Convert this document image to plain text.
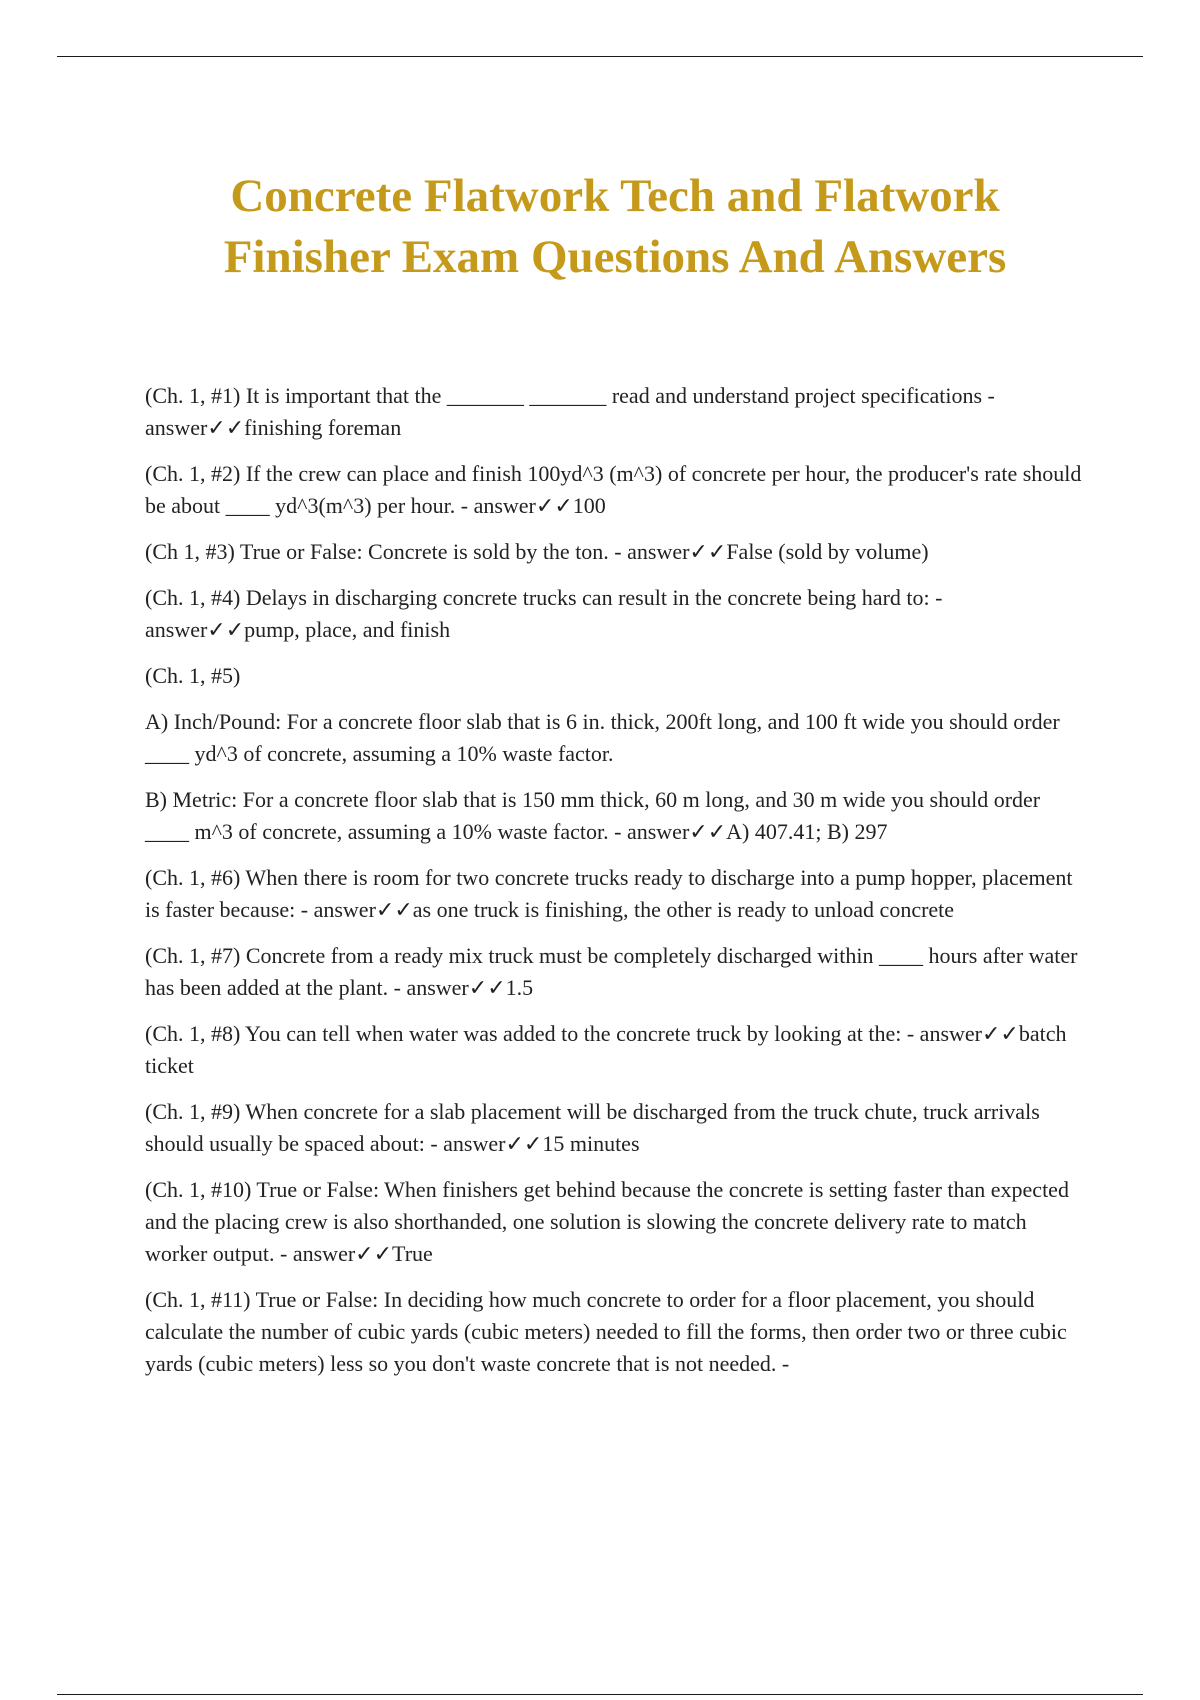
Concrete Flatwork Tech and Flatwork
Finisher Exam Questions And Answers

(Ch. 1, #1) It is important that the _______ _______ read and understand project specifications - answer✓✓finishing foreman

(Ch. 1, #2) If the crew can place and finish 100yd^3 (m^3) of concrete per hour, the producer's rate should be about ____ yd^3(m^3) per hour. - answer✓✓100

(Ch 1, #3) True or False: Concrete is sold by the ton. - answer✓✓False (sold by volume)

(Ch. 1, #4) Delays in discharging concrete trucks can result in the concrete being hard to: - answer✓✓pump, place, and finish

(Ch. 1, #5)

A) Inch/Pound: For a concrete floor slab that is 6 in. thick, 200ft long, and 100 ft wide you should order ____ yd^3 of concrete, assuming a 10% waste factor.

B) Metric: For a concrete floor slab that is 150 mm thick, 60 m long, and 30 m wide you should order ____ m^3 of concrete, assuming a 10% waste factor. - answer✓✓A) 407.41; B) 297

(Ch. 1, #6) When there is room for two concrete trucks ready to discharge into a pump hopper, placement is faster because: - answer✓✓as one truck is finishing, the other is ready to unload concrete

(Ch. 1, #7) Concrete from a ready mix truck must be completely discharged within ____ hours after water has been added at the plant. - answer✓✓1.5

(Ch. 1, #8) You can tell when water was added to the concrete truck by looking at the: - answer✓✓batch ticket

(Ch. 1, #9) When concrete for a slab placement will be discharged from the truck chute, truck arrivals should usually be spaced about: - answer✓✓15 minutes

(Ch. 1, #10) True or False: When finishers get behind because the concrete is setting faster than expected and the placing crew is also shorthanded, one solution is slowing the concrete delivery rate to match worker output. - answer✓✓True

(Ch. 1, #11) True or False: In deciding how much concrete to order for a floor placement, you should calculate the number of cubic yards (cubic meters) needed to fill the forms, then order two or three cubic yards (cubic meters) less so you don't waste concrete that is not needed. -
